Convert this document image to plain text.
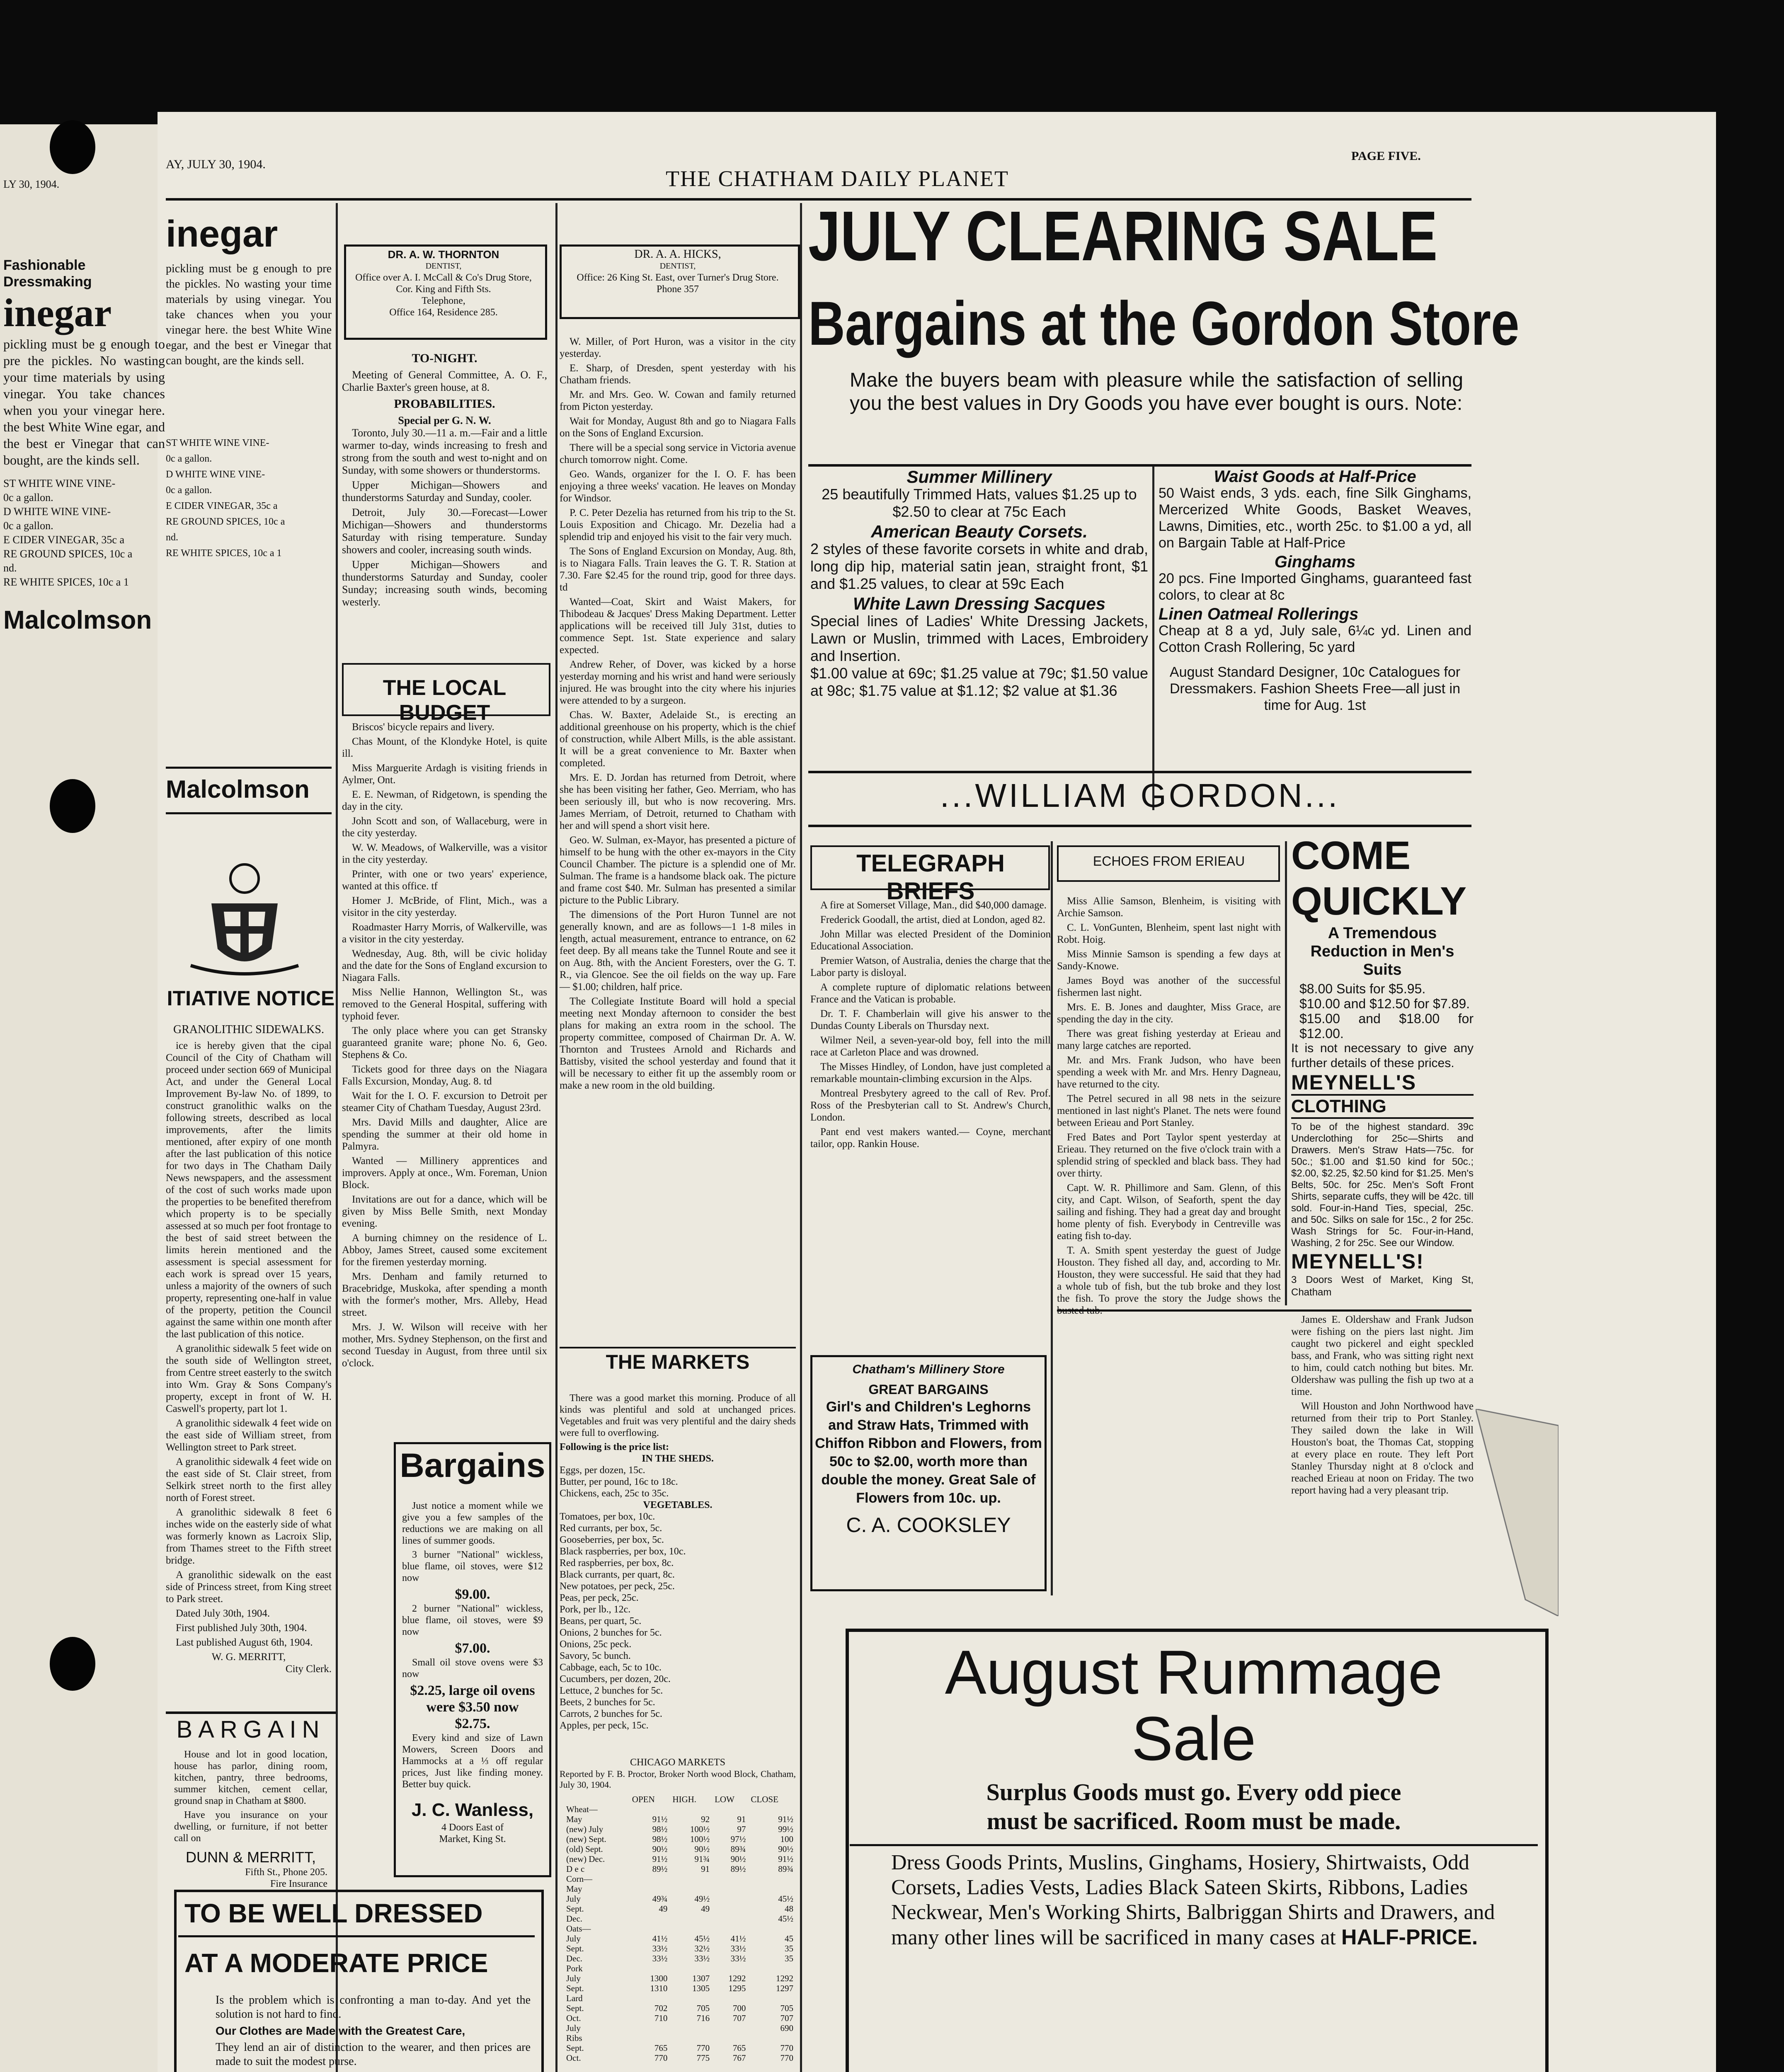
LY 30, 1904.
Fashionable
Dressmaking
inegar

pickling must be g enough to pre the pickles. No wasting your time materials by using vinegar. You take chances when you your vinegar here. the best White Wine egar, and the best er Vinegar that can bought, are the kinds sell.

ST WHITE WINE VINE-
0c a gallon.
D WHITE WINE VINE-
0c a gallon.
E CIDER VINEGAR, 35c a
RE GROUND SPICES, 10c a
nd.
RE WHITE SPICES, 10c a 1
Malcolmson
AY, JULY 30, 1904.
THE CHATHAM DAILY PLANET
PAGE FIVE.
inegar

pickling must be g enough to pre the pickles. No wasting your time materials by using vinegar. You take chances when you your vinegar here. the best White Wine egar, and the best er Vinegar that can bought, are the kinds sell.

ST WHITE WINE VINE-
0c a gallon.
D WHITE WINE VINE-
0c a gallon.
E CIDER VINEGAR, 35c a
RE GROUND SPICES, 10c a
nd.
RE WHITE SPICES, 10c a 1
Malcolmson
ITIATIVE NOTICE
GRANOLITHIC SIDEWALKS.

ice is hereby given that the cipal Council of the City of Chatham will proceed under section 669 of Municipal Act, and under the General Local Improvement By-law No. of 1899, to construct granolithic walks on the following streets, described as local improvements, after the limits mentioned, after expiry of one month after the last publication of this notice for two days in The Chatham Daily News newspapers, and the assessment of the cost of such works made upon the properties to be benefited therefrom which property is to be specially assessed at so much per foot frontage to the best of said street between the limits herein mentioned and the assessment is special assessment for each work is spread over 15 years, unless a majority of the owners of such property, representing one-half in value of the property, petition the Council against the same within one month after the last publication of this notice.

A granolithic sidewalk 5 feet wide on the south side of Wellington street, from Centre street easterly to the switch into Wm. Gray & Sons Company's property, except in front of W. H. Caswell's property, part lot 1.

A granolithic sidewalk 4 feet wide on the east side of William street, from Wellington street to Park street.

A granolithic sidewalk 4 feet wide on the east side of St. Clair street, from Selkirk street north to the first alley north of Forest street.

A granolithic sidewalk 8 feet 6 inches wide on the easterly side of what was formerly known as Lacroix Slip, from Thames street to the Fifth street bridge.

A granolithic sidewalk on the east side of Princess street, from King street to Park street.

Dated July 30th, 1904.

First published July 30th, 1904.

Last published August 6th, 1904.

W. G. MERRITT,
City Clerk.
BARGAIN

House and lot in good location, house has parlor, dining room, kitchen, pantry, three bedrooms, summer kitchen, cement cellar, ground snap in Chatham at $800.

Have you insurance on your dwelling, or furniture, if not better call on

DUNN & MERRITT,
Fifth St., Phone 205.
Fire Insurance
TO BE WELL DRESSED
AT A MODERATE PRICE

Is the problem which is confronting a man to-day. And yet the solution is not hard to find.

Our Clothes are Made with the Greatest Care,

They lend an air of distinction to the wearer, and then prices are made to suit the modest purse.

DR. A. W. THORNTON
DENTIST,
Office over A. I. McCall & Co's Drug Store, Cor. King and Fifth Sts.
Telephone,
Office 164, Residence 285.
TO-NIGHT.

Meeting of General Committee, A. O. F., Charlie Baxter's green house, at 8.

PROBABILITIES.
Special per G. N. W.

Toronto, July 30.—11 a. m.—Fair and a little warmer to-day, winds increasing to fresh and strong from the south and west to-night and on Sunday, with some showers or thunderstorms.

Upper Michigan—Showers and thunderstorms Saturday and Sunday, cooler.

Detroit, July 30.—Forecast—Lower Michigan—Showers and thunderstorms Saturday with rising temperature. Sunday showers and cooler, increasing south winds.

Upper Michigan—Showers and thunderstorms Saturday and Sunday, cooler Sunday; increasing south winds, becoming westerly.

THE LOCAL BUDGET

Briscos' bicycle repairs and livery.

Chas Mount, of the Klondyke Hotel, is quite ill.

Miss Marguerite Ardagh is visiting friends in Aylmer, Ont.

E. E. Newman, of Ridgetown, is spending the day in the city.

John Scott and son, of Wallaceburg, were in the city yesterday.

W. W. Meadows, of Walkerville, was a visitor in the city yesterday.

Printer, with one or two years' experience, wanted at this office. tf

Homer J. McBride, of Flint, Mich., was a visitor in the city yesterday.

Roadmaster Harry Morris, of Walkerville, was a visitor in the city yesterday.

Wednesday, Aug. 8th, will be civic holiday and the date for the Sons of England excursion to Niagara Falls.

Miss Nellie Hannon, Wellington St., was removed to the General Hospital, suffering with typhoid fever.

The only place where you can get Stransky guaranteed granite ware; phone No. 6, Geo. Stephens & Co.

Tickets good for three days on the Niagara Falls Excursion, Monday, Aug. 8. td

Wait for the I. O. F. excursion to Detroit per steamer City of Chatham Tuesday, August 23rd.

Mrs. David Mills and daughter, Alice are spending the summer at their old home in Palmyra.

Wanted — Millinery apprentices and improvers. Apply at once., Wm. Foreman, Union Block.

Invitations are out for a dance, which will be given by Miss Belle Smith, next Monday evening.

A burning chimney on the residence of L. Abboy, James Street, caused some excitement for the firemen yesterday morning.

Mrs. Denham and family returned to Bracebridge, Muskoka, after spending a month with the former's mother, Mrs. Alleby, Head street.

Mrs. J. W. Wilson will receive with her mother, Mrs. Sydney Stephenson, on the first and second Tuesday in August, from three until six o'clock.

Bargains

Just notice a moment while we give you a few samples of the reductions we are making on all lines of summer goods.

3 burner "National" wickless, blue flame, oil stoves, were $12 now

$9.00.

2 burner "National" wickless, blue flame, oil stoves, were $9 now

$7.00.

Small oil stove ovens were $3 now

$2.25, large oil ovens were $3.50 now
$2.75.

Every kind and size of Lawn Mowers, Screen Doors and Hammocks at a ⅓ off regular prices, Just like finding money. Better buy quick.

J. C. Wanless,
4 Doors East of
Market, King St.
DR. A. A. HICKS,
DENTIST,
Office: 26 King St. East, over Turner's Drug Store. Phone 357

W. Miller, of Port Huron, was a visitor in the city yesterday.

E. Sharp, of Dresden, spent yesterday with his Chatham friends.

Mr. and Mrs. Geo. W. Cowan and family returned from Picton yesterday.

Wait for Monday, August 8th and go to Niagara Falls on the Sons of England Excursion.

There will be a special song service in Victoria avenue church tomorrow night. Come.

Geo. Wands, organizer for the I. O. F. has been enjoying a three weeks' vacation. He leaves on Monday for Windsor.

P. C. Peter Dezelia has returned from his trip to the St. Louis Exposition and Chicago. Mr. Dezelia had a splendid trip and enjoyed his visit to the fair very much.

The Sons of England Excursion on Monday, Aug. 8th, is to Niagara Falls. Train leaves the G. T. R. Station at 7.30. Fare $2.45 for the round trip, good for three days. td

Wanted—Coat, Skirt and Waist Makers, for Thibodeau & Jacques' Dress Making Department. Letter applications will be received till July 31st, duties to commence Sept. 1st. State experience and salary expected.

Andrew Reher, of Dover, was kicked by a horse yesterday morning and his wrist and hand were seriously injured. He was brought into the city where his injuries were attended to by a surgeon.

Chas. W. Baxter, Adelaide St., is erecting an additional greenhouse on his property, which is the chief of construction, while Albert Mills, is the able assistant. It will be a great convenience to Mr. Baxter when completed.

Mrs. E. D. Jordan has returned from Detroit, where she has been visiting her father, Geo. Merriam, who has been seriously ill, but who is now recovering. Mrs. James Merriam, of Detroit, returned to Chatham with her and will spend a short visit here.

Geo. W. Sulman, ex-Mayor, has presented a picture of himself to be hung with the other ex-mayors in the City Council Chamber. The picture is a splendid one of Mr. Sulman. The frame is a handsome black oak. The picture and frame cost $40. Mr. Sulman has presented a similar picture to the Public Library.

The dimensions of the Port Huron Tunnel are not generally known, and are as follows—1 1-8 miles in length, actual measurement, entrance to entrance, on 62 feet deep. By all means take the Tunnel Route and see it on Aug. 8th, with the Ancient Foresters, over the G. T. R., via Glencoe. See the oil fields on the way up. Fare — $1.00; children, half price.

The Collegiate Institute Board will hold a special meeting next Monday afternoon to consider the best plans for making an extra room in the school. The property committee, composed of Chairman Dr. A. W. Thornton and Trustees Arnold and Richards and Battisby, visited the school yesterday and found that it will be necessary to either fit up the assembly room or make a new room in the old building.

THE MARKETS

There was a good market this morning. Produce of all kinds was plentiful and sold at unchanged prices. Vegetables and fruit was very plentiful and the dairy sheds were full to overflowing.

Following is the price list:
IN THE SHEDS.
Eggs, per dozen, 15c.
Butter, per pound, 16c to 18c.
Chickens, each, 25c to 35c.
VEGETABLES.
Tomatoes, per box, 10c.
Red currants, per box, 5c.
Gooseberries, per box, 5c.
Black raspberries, per box, 10c.
Red raspberries, per box, 8c.
Black currants, per quart, 8c.
New potatoes, per peck, 25c.
Peas, per peck, 25c.
Pork, per lb., 12c.
Beans, per quart, 5c.
Onions, 2 bunches for 5c.
Onions, 25c peck.
Savory, 5c bunch.
Cabbage, each, 5c to 10c.
Cucumbers, per dozen, 20c.
Lettuce, 2 bunches for 5c.
Beets, 2 bunches for 5c.
Carrots, 2 bunches for 5c.
Apples, per peck, 15c.
CHICAGO MARKETS
Reported by F. B. Proctor, Broker North wood Block, Chatham, July 30, 1904.
	OPEN	HIGH.	LOW	CLOSE
Wheat—				
May	91½	92	91	91½
(new) July	98½	100½	97	99½
(new) Sept.	98½	100½	97½	100
(old) Sept.	90½	90½	89¾	90½
(new) Dec.	91½	91¾	90½	91½
D e c	89½	91	89½	89¾
Corn—				
May				
July	49¾	49½		45½
Sept.	49	49		48
Dec.				45½
Oats—				
July	41½	45½	41½	45
Sept.	33½	32½	33½	35
Dec.	33½	33½	33½	35
Pork				
July	1300	1307	1292	1292
Sept.	1310	1305	1295	1297
Lard				
Sept.	702	705	700	705
Oct.	710	716	707	707
July				690
Ribs				
Sept.	765	770	765	770
Oct.	770	775	767	770
JULY CLEARING SALE
Bargains at the Gordon Store
Make the buyers beam with pleasure while the satisfaction of selling you the best values in Dry Goods you have ever bought is ours. Note:
Summer Millinery
25 beautifully Trimmed Hats, values $1.25 up to $2.50 to clear at 75c Each
American Beauty Corsets.
2 styles of these favorite corsets in white and drab, long dip hip, material satin jean, straight front, $1 and $1.25 values, to clear at 59c Each
White Lawn Dressing Sacques
Special lines of Ladies' White Dressing Jackets, Lawn or Muslin, trimmed with Laces, Embroidery and Insertion.
$1.00 value at 69c; $1.25 value at 79c; $1.50 value at 98c; $1.75 value at $1.12; $2 value at $1.36
Waist Goods at Half-Price
50 Waist ends, 3 yds. each, fine Silk Ginghams, Mercerized White Goods, Basket Weaves, Lawns, Dimities, etc., worth 25c. to $1.00 a yd, all on Bargain Table at Half-Price
Ginghams
20 pcs. Fine Imported Ginghams, guaranteed fast colors, to clear at 8c
Linen Oatmeal Rollerings
Cheap at 8 a yd, July sale, 6¼c yd. Linen and Cotton Crash Rollering, 5c yard
August Standard Designer, 10c Catalogues for Dressmakers. Fashion Sheets Free—all just in time for Aug. 1st
...WILLIAM GORDON...
TELEGRAPH BRIEFS

A fire at Somerset Village, Man., did $40,000 damage.

Frederick Goodall, the artist, died at London, aged 82.

John Millar was elected President of the Dominion Educational Association.

Premier Watson, of Australia, denies the charge that the Labor party is disloyal.

A complete rupture of diplomatic relations between France and the Vatican is probable.

Dr. T. F. Chamberlain will give his answer to the Dundas County Liberals on Thursday next.

Wilmer Neil, a seven-year-old boy, fell into the mill race at Carleton Place and was drowned.

The Misses Hindley, of London, have just completed a remarkable mountain-climbing excursion in the Alps.

Montreal Presbytery agreed to the call of Rev. Prof. Ross of the Presbyterian call to St. Andrew's Church, London.

Pant end vest makers wanted.— Coyne, merchant tailor, opp. Rankin House.

Chatham's Millinery Store
GREAT BARGAINS
Girl's and Children's Leghorns and Straw Hats, Trimmed with Chiffon Ribbon and Flowers, from 50c to $2.00, worth more than double the money. Great Sale of Flowers from 10c. up.
C. A. COOKSLEY
ECHOES FROM ERIEAU

Miss Allie Samson, Blenheim, is visiting with Archie Samson.

C. L. VonGunten, Blenheim, spent last night with Robt. Hoig.

Miss Minnie Samson is spending a few days at Sandy-Knowe.

James Boyd was another of the successful fishermen last night.

Mrs. E. B. Jones and daughter, Miss Grace, are spending the day in the city.

There was great fishing yesterday at Erieau and many large catches are reported.

Mr. and Mrs. Frank Judson, who have been spending a week with Mr. and Mrs. Henry Dagneau, have returned to the city.

The Petrel secured in all 98 nets in the seizure mentioned in last night's Planet. The nets were found between Erieau and Port Stanley.

Fred Bates and Port Taylor spent yesterday at Erieau. They returned on the five o'clock train with a splendid string of speckled and black bass. They had over thirty.

Capt. W. R. Phillimore and Sam. Glenn, of this city, and Capt. Wilson, of Seaforth, spent the day sailing and fishing. They had a great day and brought home plenty of fish. Everybody in Centreville was eating fish to-day.

T. A. Smith spent yesterday the guest of Judge Houston. They fished all day, and, according to Mr. Houston, they were successful. He said that they had a whole tub of fish, but the tub broke and they lost the fish. To prove the story the Judge shows the

COME
QUICKLY
A Tremendous Reduction in Men's Suits
$8.00 Suits for $5.95.
$10.00 and $12.50 for $7.89.
$15.00 and $18.00 for $12.00.
It is not necessary to give any further details of these prices.
MEYNELL'S
CLOTHING
To be of the highest standard. 39c Underclothing for 25c—Shirts and Drawers. Men's Straw Hats—75c. for 50c.; $1.00 and $1.50 kind for 50c.; $2.00, $2.25, $2.50 kind for $1.25. Men's Belts, 50c. for 25c. Men's Soft Front Shirts, separate cuffs, they will be 42c. till sold. Four-in-Hand Ties, special, 25c. and 50c. Silks on sale for 15c., 2 for 25c. Wash Strings for 5c. Four-in-Hand, Washing, 2 for 25c. See our Window.
MEYNELL'S!
3 Doors West of Market, King St, Chatham

James E. Oldershaw and Frank Judson were fishing on the piers last night. Jim caught two pickerel and eight speckled bass, and Frank, who was sitting right next to him, could catch nothing but bites. Mr. Oldershaw was pulling the fish up two at a time.

Will Houston and John Northwood have returned from their trip to Port Stanley. They sailed down the lake in Will Houston's boat, the Thomas Cat, stopping at every place en route. They left Port Stanley Thursday night at 8 o'clock and reached Erieau at noon on Friday. The two report having had a very pleasant trip.

August Rummage
Sale
Surplus Goods must go. Every odd piece
must be sacrificed. Room must be made.
Dress Goods Prints, Muslins, Ginghams, Hosiery, Shirtwaists, Odd Corsets, Ladies Vests, Ladies Black Sateen Skirts, Ribbons, Ladies Neckwear, Men's Working Shirts, Balbriggan Shirts and Drawers, and many other lines will be sacrificed in many cases at HALF-PRICE.
